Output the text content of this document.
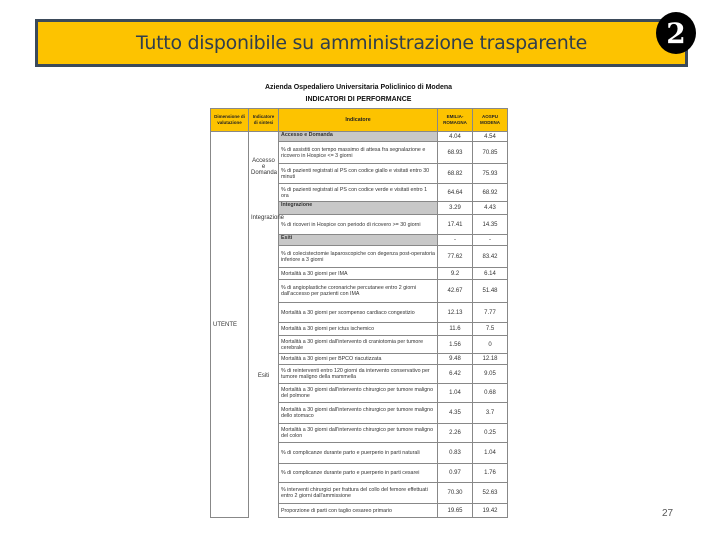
Tutto disponibile su amministrazione trasparente	2
Azienda Ospedaliero Universitaria Policlinico di Modena
INDICATORI DI PERFORMANCE
Dimensione di valutazione	Indicatore di sintesi	Indicatore	EMILIA-ROMAGNA	AOSPU MODENA
UTENTE	Accesso e Domanda	Accesso e Domanda	4.04	4.54
		% di assistiti con tempo massimo di attesa fra segnalazione e ricovero in Hospice <= 3 giorni	68.93	70.85
		% di pazienti registrati al PS con codice giallo e visitati entro 30 minuti	68.82	75.93
		% di pazienti registrati al PS con codice verde e visitati entro 1 ora	64.64	68.92
	Integrazione	Integrazione	3.29	4.43
		% di ricoveri in Hospice con periodo di ricovero >= 30 giorni	17.41	14.35
	Esiti	Esiti	-	-
		% di colecistectomie laparoscopiche con degenza post-operatoria inferiore a 3 giorni	77.62	83.42
		Mortalità a 30 giorni per IMA	9.2	6.14
		% di angioplastiche coronariche percutanee entro 2 giorni dall'accesso per pazienti con IMA	42.67	51.48
		Mortalità a 30 giorni per scompenso cardiaco congestizio	12.13	7.77
		Mortalità a 30 giorni per ictus ischemico	11.6	7.5
		Mortalità a 30 giorni dall'intervento di craniotomia per tumore cerebrale	1.56	0
		Mortalità a 30 giorni per BPCO riacutizzata	9.48	12.18
		% di reinterventi entro 120 giorni da intervento conservativo per tumore maligno della mammella	6.42	9.05
		Mortalità a 30 giorni dall'intervento chirurgico per tumore maligno del polmone	1.04	0.68
		Mortalità a 30 giorni dall'intervento chirurgico per tumore maligno dello stomaco	4.35	3.7
		Mortalità a 30 giorni dall'intervento chirurgico per tumore maligno del colon	2.26	0.25
		% di complicanze durante parto e puerperio in parti naturali	0.83	1.04
		% di complicanze durante parto e puerperio in parti cesarei	0.97	1.76
		% interventi chirurgici per frattura del collo del femore effettuati entro 2 giorni dall'ammissione	70.30	52.63
		Proporzione di parti con taglio cesareo primario	19.65	19.42	27
